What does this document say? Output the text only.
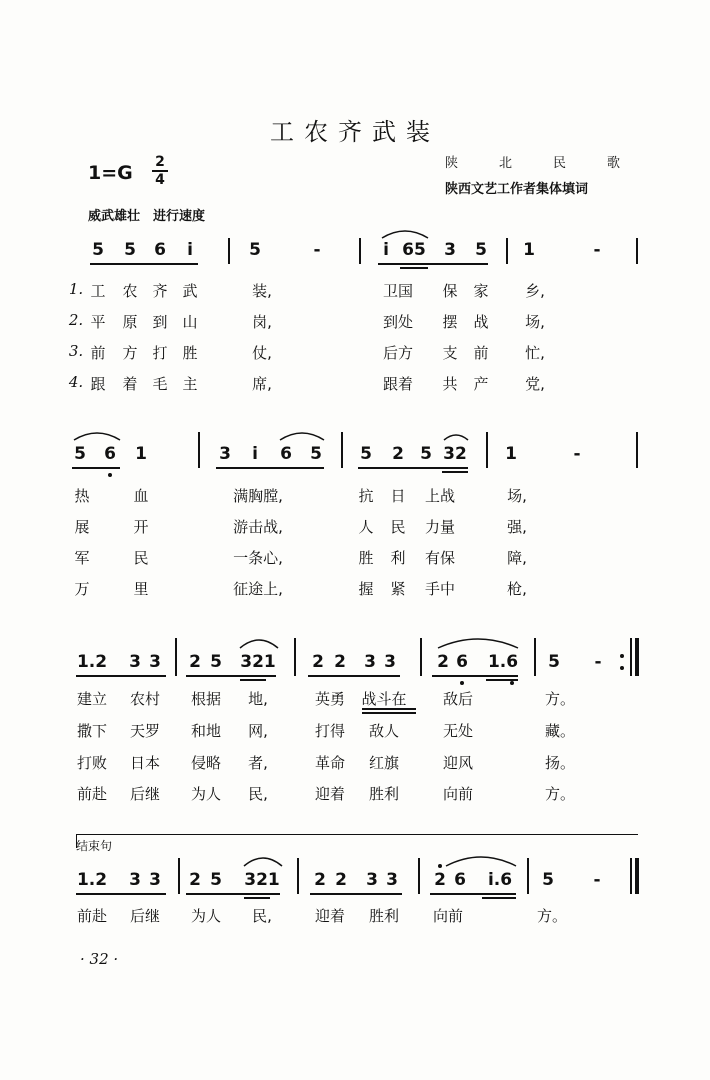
工农齐武装
1=G 2
4
陕	北	民	歌
陕西文艺工作者集体填词
威武雄壮　进行速度
5 5 6 i	5	-	i 65 3 5 1	-
1. 工 农 齐 武	装,	卫国 保 家 乡,
2. 平 原 到 山	岗,	到处 摆 战 场,
3. 前 方 打 胜	仗,	后方 支 前 忙,
4. 跟 着 毛 主	席,	跟着 共 产 党,
5 6 1	3 i 6 5 5 2 5 32 1	-
热	血	满胸膛,	抗 日 上战	场,
展	开	游击战,	人 民 力量	强,
军	民	一条心,	胜 利 有保	障,
万	里	征途上,	握 紧 手中	枪,
1.2 3 3 2 5 321 2 2 3 3 2 6 1.6 5 -
建立 农村 根据 地,	英勇 战斗在 敌后	方。
撒下 天罗 和地 网,	打得 敌人	无处	藏。
打败 日本 侵略 者,	革命 红旗	迎风	扬。
前赴 后继 为人 民,	迎着 胜利	向前	方。
结束句
1.2 3 3 2 5 321 2 2 3 3 2 6 i.6 5 -
前赴 后继 为人 民,	迎着 胜利 向前	方。
· 32 ·
